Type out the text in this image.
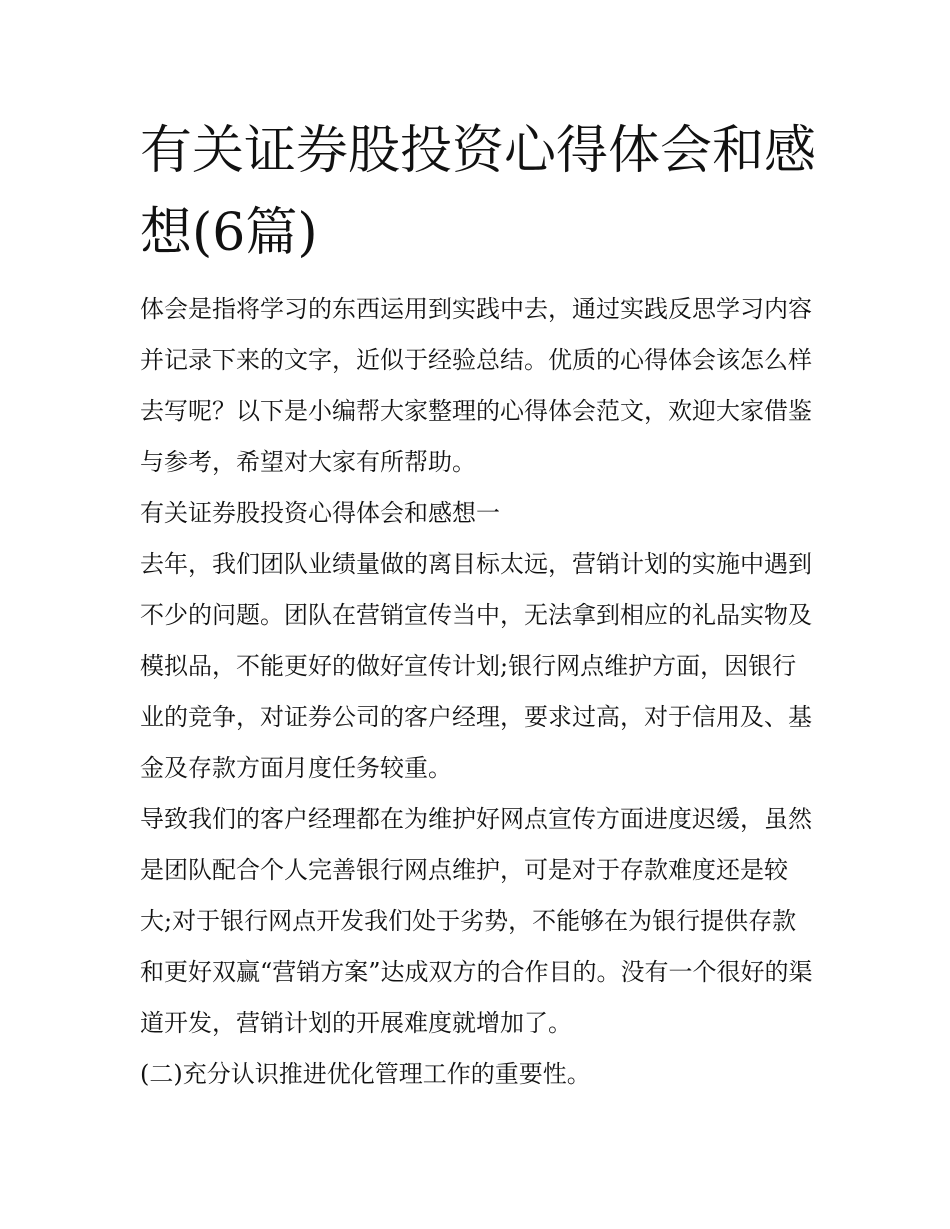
有关证券股投资心得体会和感想(6篇)

体会是指将学习的东西运用到实践中去，通过实践反思学习内容并记录下来的文字，近似于经验总结。优质的心得体会该怎么样去写呢？以下是小编帮大家整理的心得体会范文，欢迎大家借鉴与参考，希望对大家有所帮助。

有关证券股投资心得体会和感想一

去年，我们团队业绩量做的离目标太远，营销计划的实施中遇到不少的问题。团队在营销宣传当中，无法拿到相应的礼品实物及模拟品，不能更好的做好宣传计划;银行网点维护方面，因银行业的竞争，对证券公司的客户经理，要求过高，对于信用及、基金及存款方面月度任务较重。

导致我们的客户经理都在为维护好网点宣传方面进度迟缓，虽然是团队配合个人完善银行网点维护，可是对于存款难度还是较大;对于银行网点开发我们处于劣势，不能够在为银行提供存款和更好双赢“营销方案”达成双方的合作目的。没有一个很好的渠道开发，营销计划的开展难度就增加了。

(二)充分认识推进优化管理工作的重要性。
